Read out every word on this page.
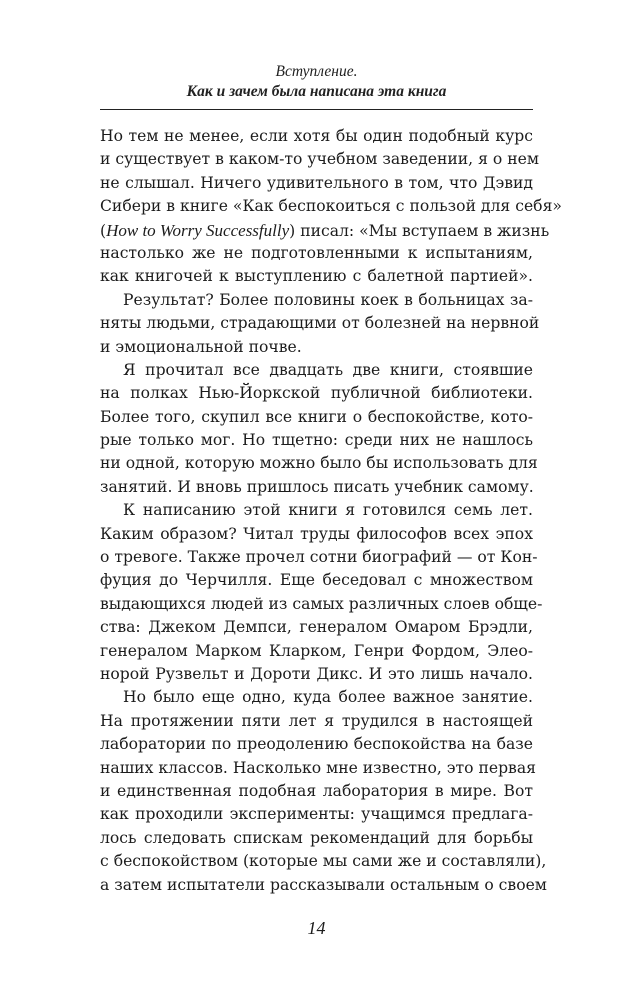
Вступление.
Как и зачем была написана эта книга
Но тем не менее, если хотя бы один подобный курс
и существует в каком-то учебном заведении, я о нем
не слышал. Ничего удивительного в том, что Дэвид
Сибери в книге «Как беспокоиться с пользой для себя»
(How to Worry Successfully) писал: «Мы вступаем в жизнь
настолько же не подготовленными к испытаниям,
как книгочей к выступлению с балетной партией».
Результат? Более половины коек в больницах за-
няты людьми, страдающими от болезней на нервной
и эмоциональной почве.
Я прочитал все двадцать две книги, стоявшие
на полках Нью-Йоркской публичной библиотеки.
Более того, скупил все книги о беспокойстве, кото-
рые только мог. Но тщетно: среди них не нашлось
ни одной, которую можно было бы использовать для
занятий. И вновь пришлось писать учебник самому.
К написанию этой книги я готовился семь лет.
Каким образом? Читал труды философов всех эпох
о тревоге. Также прочел сотни биографий — от Кон-
фуция до Черчилля. Еще беседовал с множеством
выдающихся людей из самых различных слоев обще-
ства: Джеком Демпси, генералом Омаром Брэдли,
генералом Марком Кларком, Генри Фордом, Элео-
норой Рузвельт и Дороти Дикс. И это лишь начало.
Но было еще одно, куда более важное занятие.
На протяжении пяти лет я трудился в настоящей
лаборатории по преодолению беспокойства на базе
наших классов. Насколько мне известно, это первая
и единственная подобная лаборатория в мире. Вот
как проходили эксперименты: учащимся предлага-
лось следовать спискам рекомендаций для борьбы
с беспокойством (которые мы сами же и составляли),
а затем испытатели рассказывали остальным о своем
14
